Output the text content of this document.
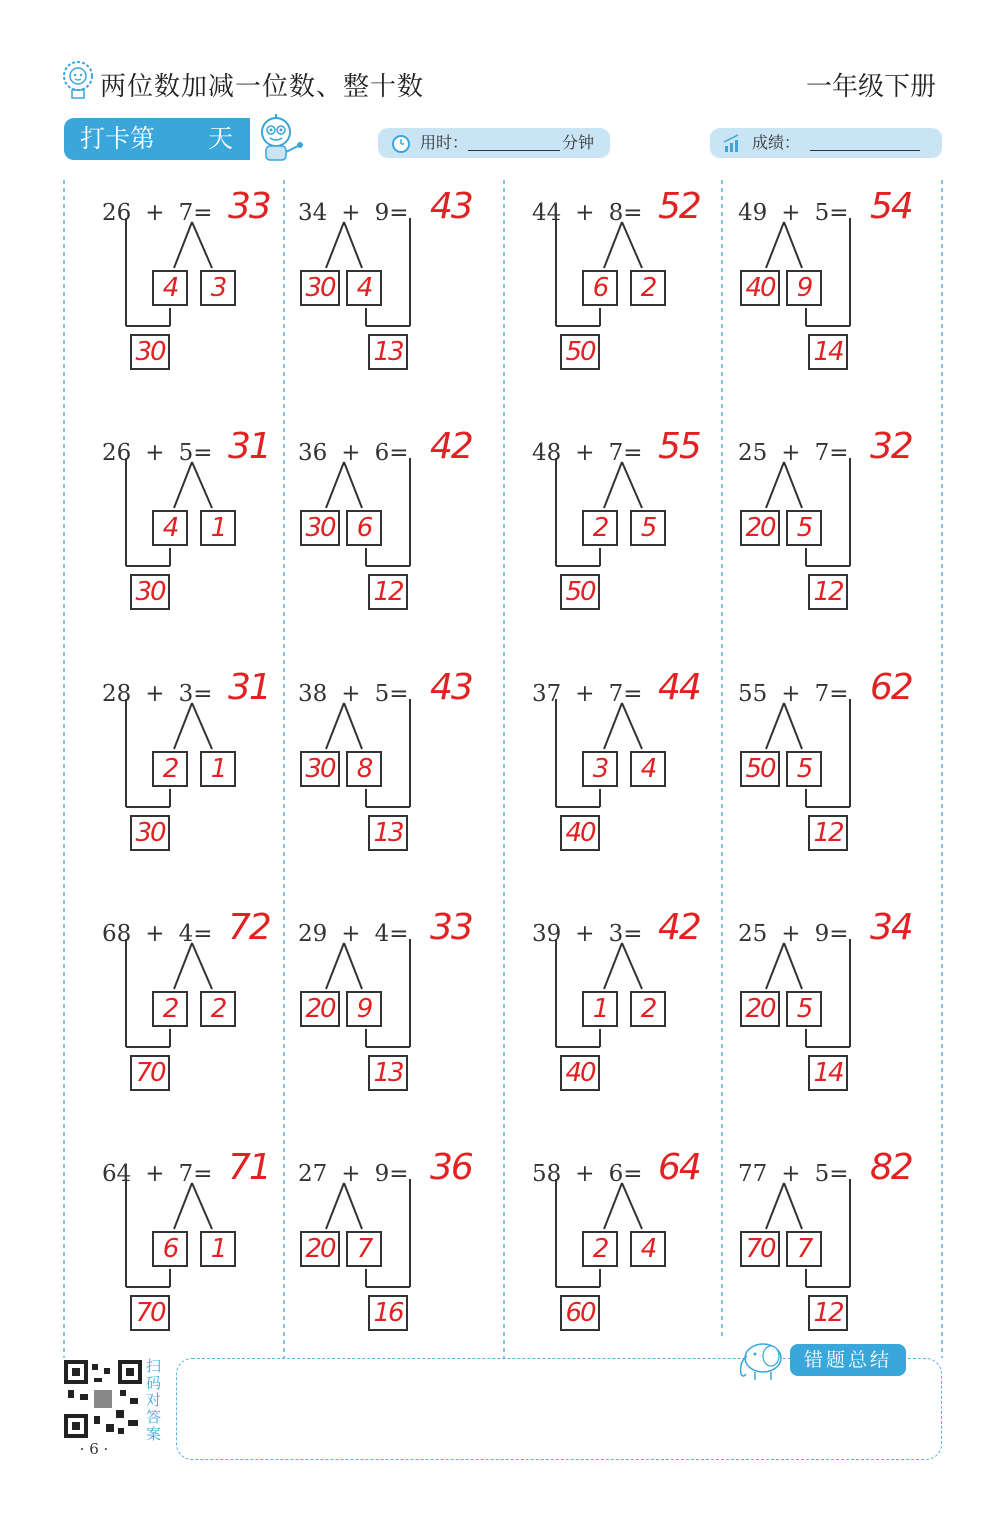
两位数加减一位数、整十数	一年级下册
打卡第 天	用时：	分钟	成绩：
26 + 7= 33
4	3
30
34 + 9= 43
30 4
13
44 + 8= 52
6	2
50
49 + 5= 54
40 9
14
26 + 5= 31
4	1
30
36 + 6= 42
30 6
12
48 + 7= 55
2	5
50
25 + 7= 32
20 5
12
28 + 3= 31
2	1
30
38 + 5= 43
30 8
13
37 + 7= 44
3	4
40
55 + 7= 62
50 5
12
68 + 4= 72
2	2
70
29 + 4= 33
20 9
13
39 + 3= 42
1	2
40
25 + 9= 34
20 5
14
64 + 7= 71
6	1
70
27 + 9= 36
20 7
16
58 + 6= 64
2	4
60
77 + 5= 82
70 7
12
扫码对答案
· 6 ·
错题总结
